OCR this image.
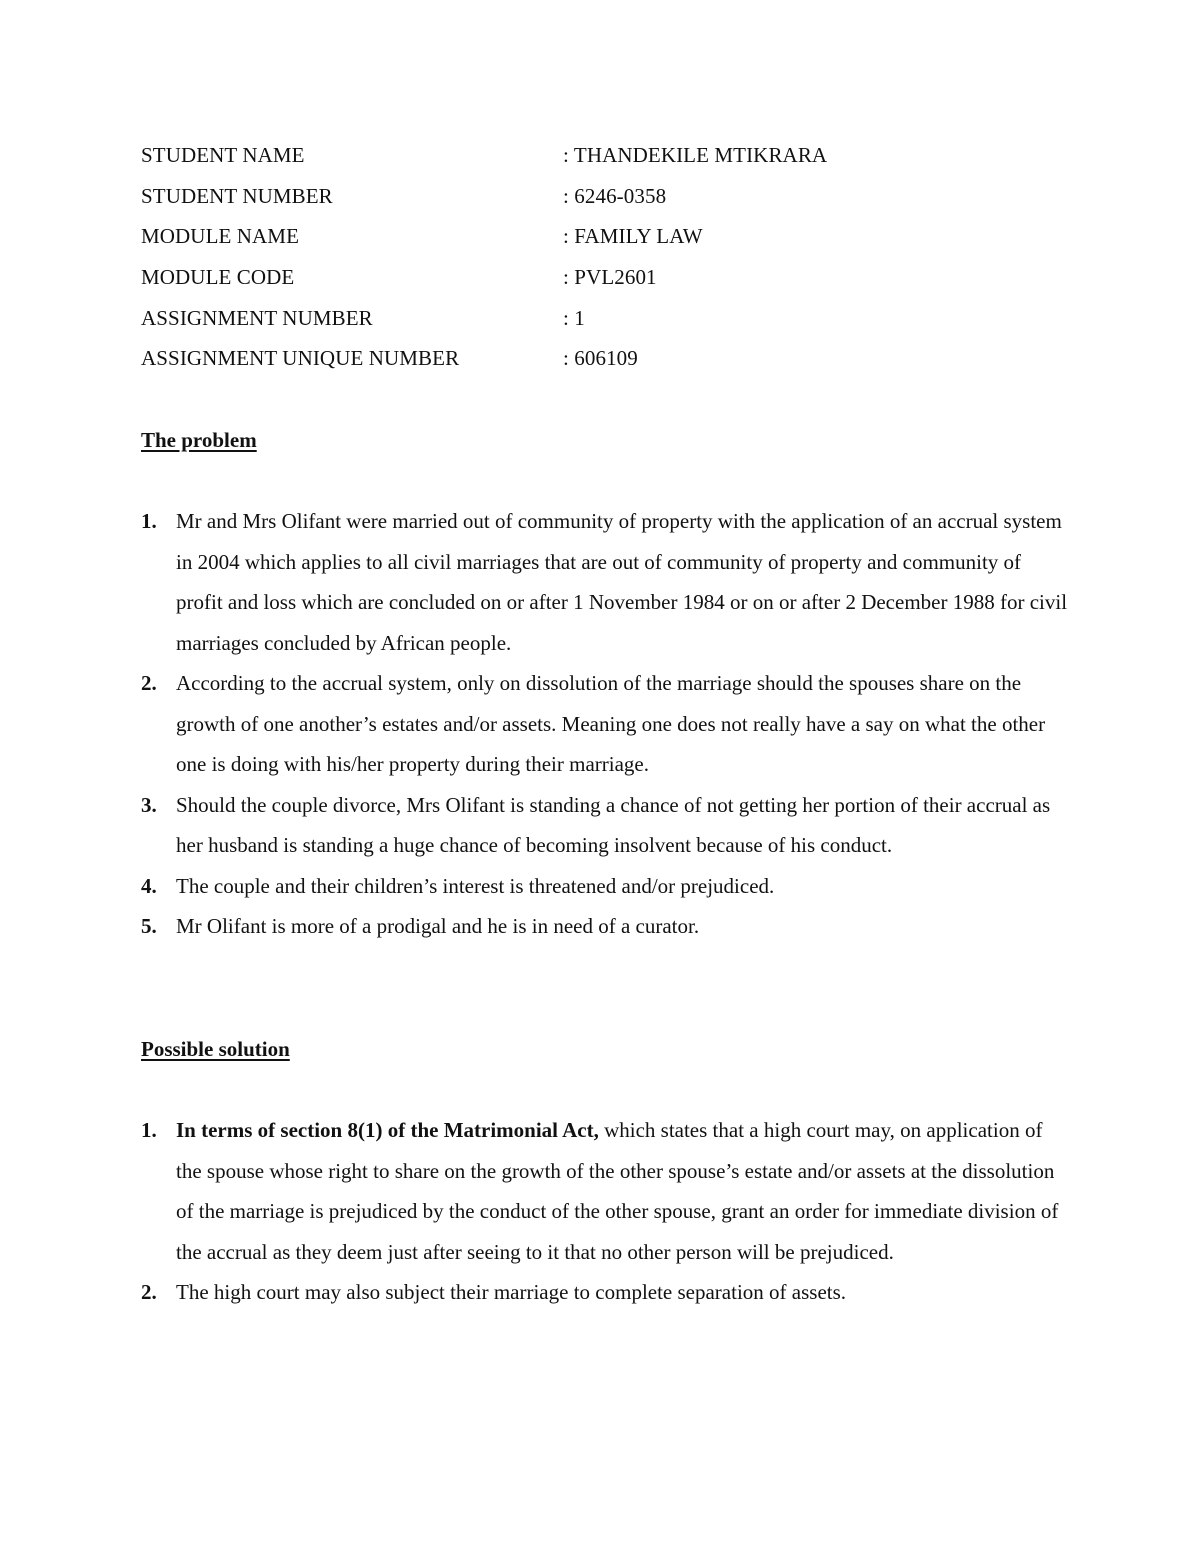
STUDENT NAME	: THANDEKILE MTIKRARA
STUDENT NUMBER	: 6246-0358
MODULE NAME	: FAMILY LAW
MODULE CODE	: PVL2601
ASSIGNMENT NUMBER	: 1
ASSIGNMENT UNIQUE NUMBER	: 606109
The problem
1. Mr and Mrs Olifant were married out of community of property with the application of an accrual system in 2004 which applies to all civil marriages that are out of community of property and community of profit and loss which are concluded on or after 1 November 1984 or on or after 2 December 1988 for civil marriages concluded by African people.
2. According to the accrual system, only on dissolution of the marriage should the spouses share on the growth of one another’s estates and/or assets. Meaning one does not really have a say on what the other one is doing with his/her property during their marriage.
3. Should the couple divorce, Mrs Olifant is standing a chance of not getting her portion of their accrual as her husband is standing a huge chance of becoming insolvent because of his conduct.
4. The couple and their children’s interest is threatened and/or prejudiced.
5. Mr Olifant is more of a prodigal and he is in need of a curator.
Possible solution
1. In terms of section 8(1) of the Matrimonial Act, which states that a high court may, on application of the spouse whose right to share on the growth of the other spouse’s estate and/or assets at the dissolution of the marriage is prejudiced by the conduct of the other spouse, grant an order for immediate division of the accrual as they deem just after seeing to it that no other person will be prejudiced.
2. The high court may also subject their marriage to complete separation of assets.
